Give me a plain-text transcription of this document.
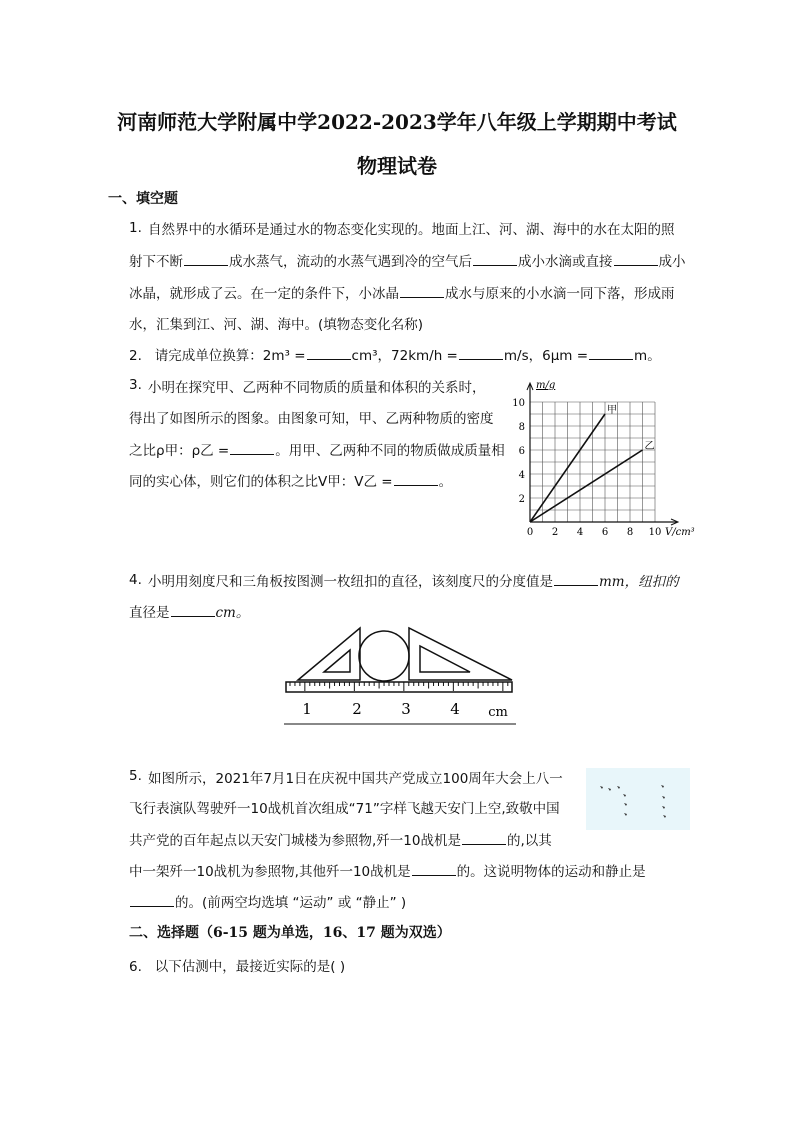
河南师范大学附属中学2022-2023学年八年级上学期期中考试
物理试卷
一、填空题
1. 自然界中的水循环是通过水的物态变化实现的。地面上江、河、湖、海中的水在太阳的照
射下不断	成水蒸气，流动的水蒸气遇到冷的空气后	成小水滴或直接	成小
冰晶，就形成了云。在一定的条件下，小冰晶	成水与原来的小水滴一同下落，形成雨
水，汇集到江、河、湖、海中。(填物态变化名称)
2. 请完成单位换算：2m³ =	cm³，72km/h =	m/s，6μm =	m。
3. 小明在探究甲、乙两种不同物质的质量和体积的关系时，
得出了如图所示的图象。由图象可知，甲、乙两种物质的密度
之比ρ甲：ρ乙 =	。用甲、乙两种不同的物质做成质量相
同的实心体，则它们的体积之比V甲：V乙 =	。
0 2 4 6 8 10
2
4
6
8
10
V/cm³
m/g
甲
乙
4. 小明用刻度尺和三角板按图测一枚纽扣的直径，该刻度尺的分度值是	mm，纽扣的
直径是	cm。
1	2	3	4 cm
5. 如图所示，2021年7月1日在庆祝中国共产党成立100周年大会上八一
飞行表演队驾驶歼一10战机首次组成“71”字样飞越天安门上空,致敬中国
共产党的百年起点以天安门城楼为参照物,歼一10战机是	的,以其
中一架歼一10战机为参照物,其他歼一10战机是	的。这说明物体的运动和静止是
的。(前两空均选填 “运动” 或 “静止” )
二、选择题（6-15 题为单选，16、17 题为双选）
6. 以下估测中，最接近实际的是( )
